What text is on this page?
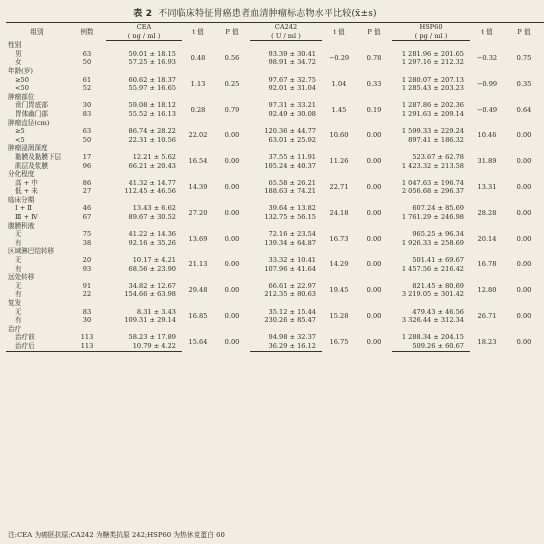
表 2 不同临床特征胃癌患者血清肿瘤标志物水平比较(x̄±s)
组别	例数	CEA	t 值	P 值	CA242	t 值	P 值	HSP60	t 值	P 值
		( ng / ml )			( U / ml )			( pg / ml )		
性别										
男	63	59.01 ± 18.15	0.48	0.56	93.39 ± 30.41	−0.29	0.78	1 281.96 ± 201.65	−0.32	0.75
女	50	57.25 ± 16.93			98.91 ± 34.72			1 297.16 ± 212.32		
年龄(岁)										
≥50	61	60.62 ± 18.37	1.13	0.25	97.67 ± 32.75	1.04	0.33	1 280.07 ± 207.13	−0.99	0.35
<50	52	55.97 ± 16.65			92.01 ± 31.04			1 285.43 ± 203.23		
肿瘤部位										
贲门胃底部	30	59.08 ± 18.12	0.28	0.79	97.31 ± 33.21	1.45	0.19	1 287.86 ± 202.36	−0.49	0.64
胃体幽门部	83	55.52 ± 16.13			92.49 ± 30.08			1 291.63 ± 209.14		
肿瘤直径(cm)										
≥5	63	86.74 ± 28.22	22.02	0.00	120.36 ± 44.77	10.60	0.00	1 599.33 ± 229.24	10.46	0.00
<5	50	22.31 ± 10.56			63.01 ± 25.92			897.41 ± 186.32		
肿瘤浸润深度										
黏膜及黏膜下层	17	12.21 ± 5.62	16.54	0.00	37.55 ± 11.91	11.26	0.00	523.67 ± 62.78	31.89	0.00
肌层及浆膜	96	66.21 ± 20.43			105.24 ± 40.37			1 423.32 ± 213.58		
分化程度										
高 + 中	86	41.32 ± 14.77	14.39	0.00	65.58 ± 26.21	22.71	0.00	1 047.63 ± 196.74	13.31	0.00
低 + 未	27	112.45 ± 46.56			188.63 ± 74.21			2 056.68 ± 296.37		
临床分期										
Ⅰ + Ⅱ	46	13.43 ± 6.62	27.20	0.00	39.64 ± 13.82	24.18	0.00	607.24 ± 85.69	28.28	0.00
Ⅲ + Ⅳ	67	89.67 ± 30.52			132.75 ± 56.15			1 761.29 ± 246.98		
腹膜积液										
无	75	41.22 ± 14.36	13.69	0.00	72.16 ± 23.54	16.73	0.00	965.25 ± 96.34	20.14	0.00
有	38	92.16 ± 35.26			139.34 ± 64.87			1 926.33 ± 258.69		
区域淋巴结转移										
无	20	10.17 ± 4.21	21.13	0.00	33.32 ± 10.41	14.29	0.00	501.41 ± 69.67	16.78	0.00
有	93	68.56 ± 23.90			107.96 ± 41.64			1 457.56 ± 216.42		
远处转移										
无	91	34.82 ± 12.67	29.48	0.00	66.61 ± 22.97	19.45	0.00	821.45 ± 80.69	12.80	0.00
有	22	154.66 ± 63.98			212.35 ± 80.63			3 219.05 ± 301.42		
复发										
无	83	8.31 ± 3.43	16.85	0.00	35.12 ± 15.44	15.28	0.00	479.43 ± 46.56	26.71	0.00
有	30	109.31 ± 29.14			230.26 ± 85.47			3 326.44 ± 312.34		
治疗										
治疗前	113	58.23 ± 17.89	15.64	0.00	94.98 ± 32.37	16.75	0.00	1 288.34 ± 204.15	18.23	0.00
治疗后	113	10.79 ± 4.22			36.29 ± 16.12			509.26 ± 60.67		
注:CEA 为癌胚抗原;CA242 为糖类抗原 242;HSP60 为热休克蛋白 60
